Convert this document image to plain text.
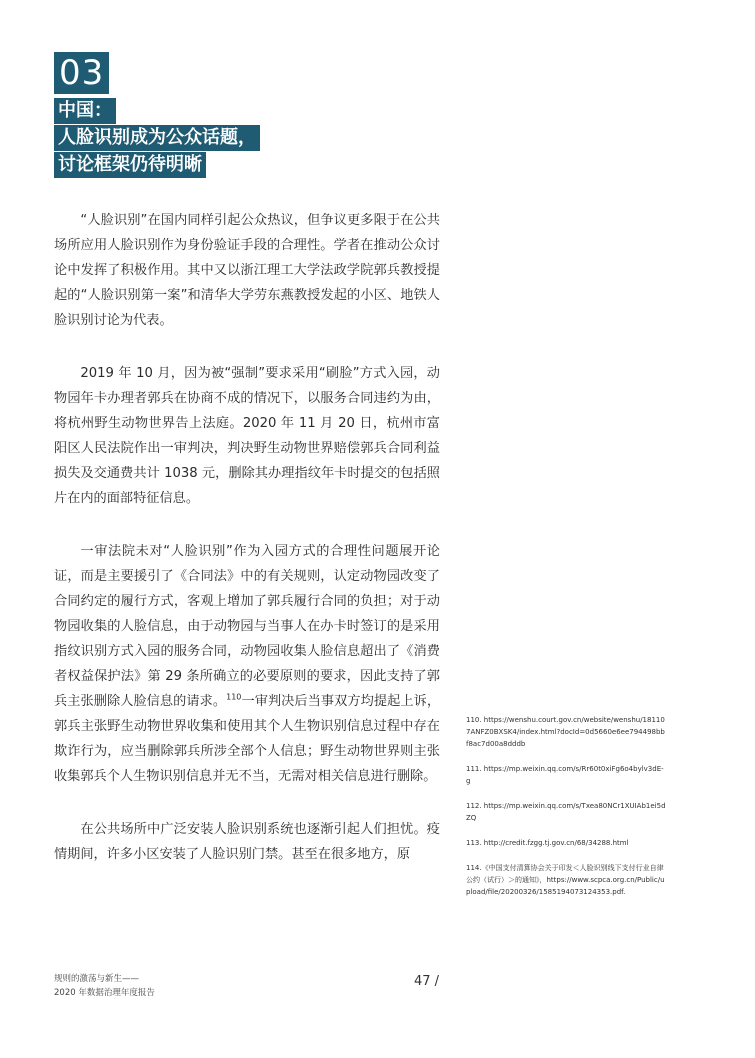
03
中国：
人脸识别成为公众话题，
讨论框架仍待明晰

“人脸识别”在国内同样引起公众热议，但争议更多限于在公共场所应用人脸识别作为身份验证手段的合理性。学者在推动公众讨论中发挥了积极作用。其中又以浙江理工大学法政学院郭兵教授提起的“人脸识别第一案”和清华大学劳东燕教授发起的小区、地铁人脸识别讨论为代表。

2019 年 10 月，因为被“强制”要求采用“刷脸”方式入园，动物园年卡办理者郭兵在协商不成的情况下，以服务合同违约为由，将杭州野生动物世界告上法庭。2020 年 11 月 20 日，杭州市富阳区人民法院作出一审判决，判决野生动物世界赔偿郭兵合同利益损失及交通费共计 1038 元，删除其办理指纹年卡时提交的包括照片在内的面部特征信息。

一审法院未对“人脸识别”作为入园方式的合理性问题展开论证，而是主要援引了《合同法》中的有关规则，认定动物园改变了合同约定的履行方式，客观上增加了郭兵履行合同的负担；对于动物园收集的人脸信息，由于动物园与当事人在办卡时签订的是采用指纹识别方式入园的服务合同，动物园收集人脸信息超出了《消费者权益保护法》第 29 条所确立的必要原则的要求，因此支持了郭兵主张删除人脸信息的请求。$^{110}$一审判决后当事双方均提起上诉，郭兵主张野生动物世界收集和使用其个人生物识别信息过程中存在欺诈行为，应当删除郭兵所涉全部个人信息；野生动物世界则主张收集郭兵个人生物识别信息并无不当，无需对相关信息进行删除。

在公共场所中广泛安装人脸识别系统也逐渐引起人们担忧。疫情期间，许多小区安装了人脸识别门禁。甚至在很多地方，原

110. https://wenshu.court.gov.cn/website/wenshu/181107ANFZ0BXSK4/index.html?docId=0d5660e6ee794498bbf8ac7d00a8dddb

111. https://mp.weixin.qq.com/s/Rr60t0xiFg6o4bylv3dE-g

112. https://mp.weixin.qq.com/s/Txea80NCr1XUIAb1ei5dZQ

113. http://credit.fzgg.tj.gov.cn/68/34288.html

114.《中国支付清算协会关于印发＜人脸识别线下支付行业自律公约（试行）＞的通知》，https://www.scpca.org.cn/Public/upload/file/20200326/1585194073124353.pdf.

规则的激荡与新生——
2020 年数据治理年度报告
47 /
